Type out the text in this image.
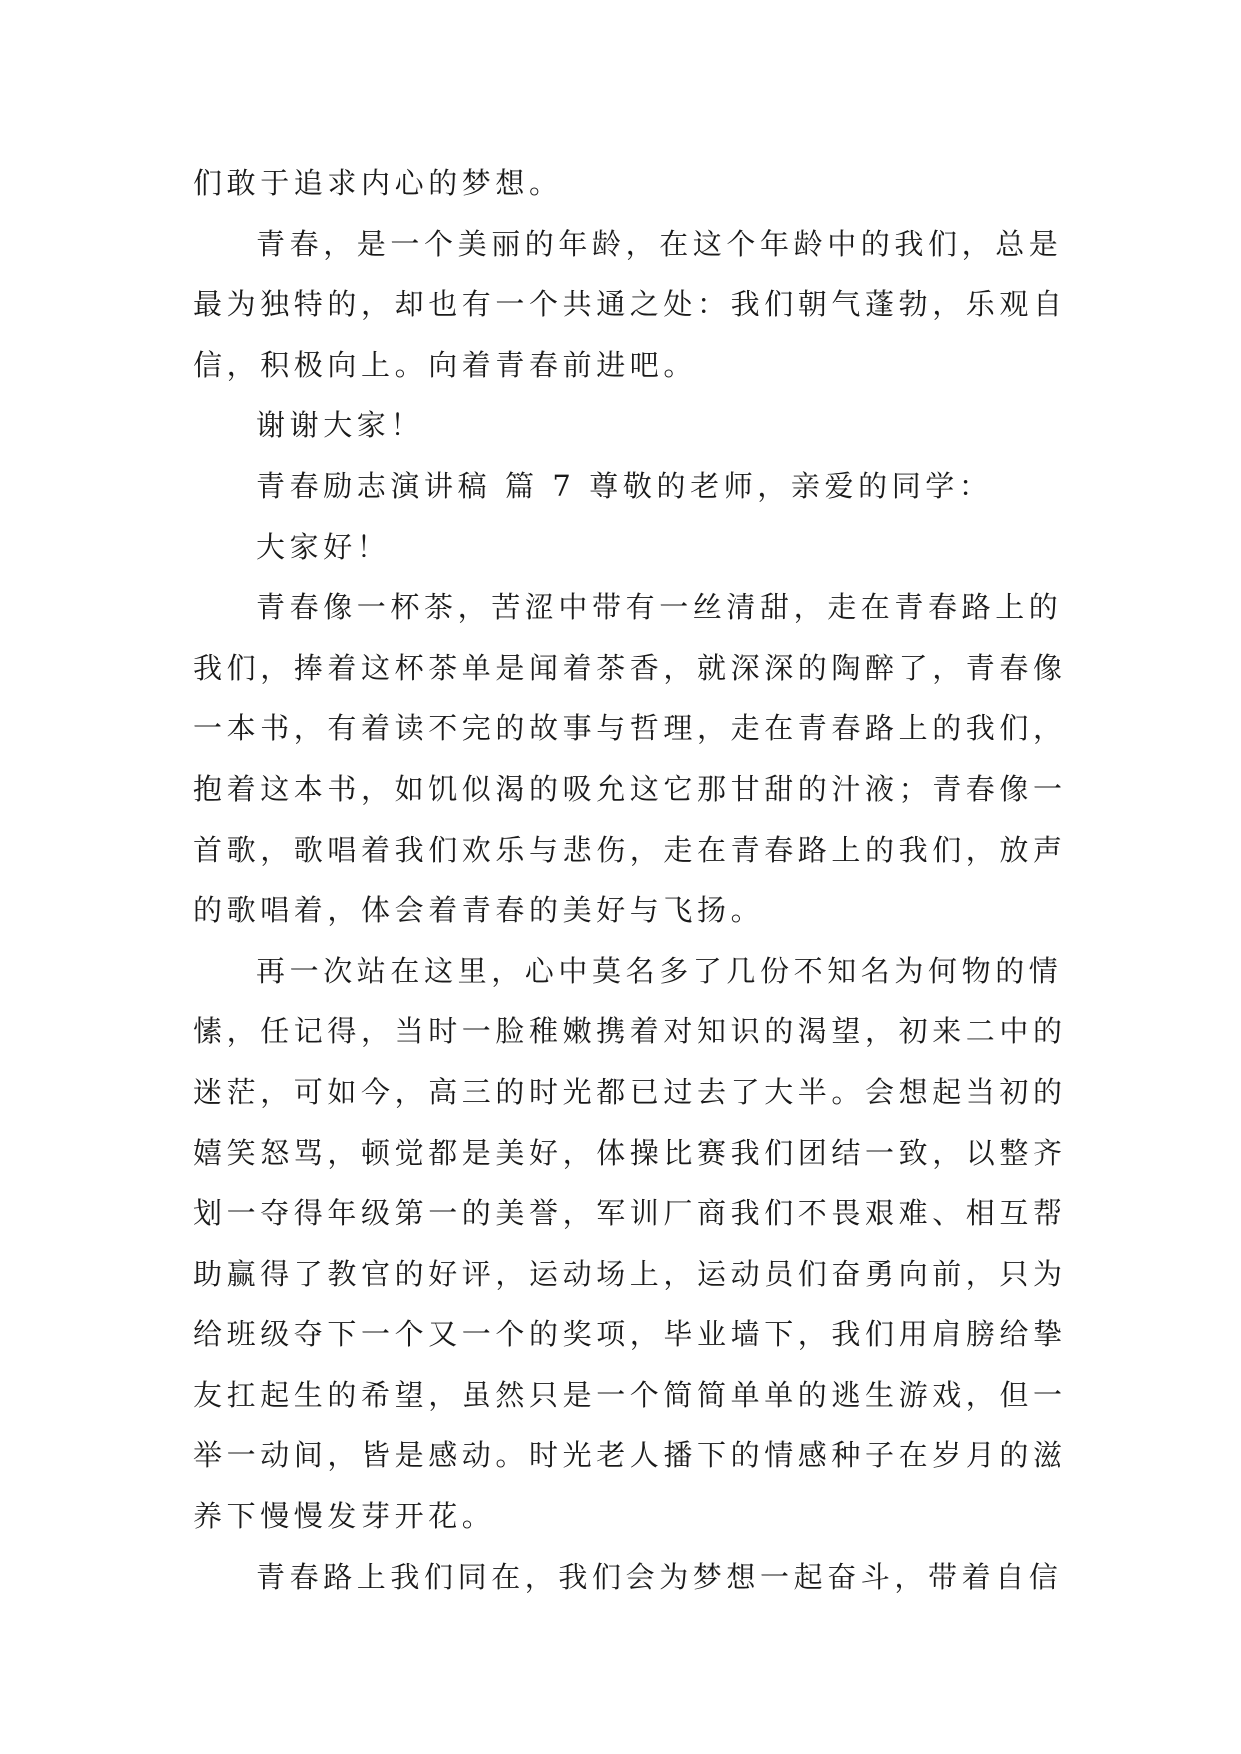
们敢于追求内心的梦想。
青春，是一个美丽的年龄，在这个年龄中的我们，总是
最为独特的，却也有一个共通之处：我们朝气蓬勃，乐观自
信，积极向上。向着青春前进吧。
谢谢大家！
青春励志演讲稿 篇 7 尊敬的老师，亲爱的同学：
大家好！
青春像一杯茶，苦涩中带有一丝清甜，走在青春路上的
我们，捧着这杯茶单是闻着茶香，就深深的陶醉了，青春像
一本书，有着读不完的故事与哲理，走在青春路上的我们，
抱着这本书，如饥似渴的吸允这它那甘甜的汁液；青春像一
首歌，歌唱着我们欢乐与悲伤，走在青春路上的我们，放声
的歌唱着，体会着青春的美好与飞扬。
再一次站在这里，心中莫名多了几份不知名为何物的情
愫，任记得，当时一脸稚嫩携着对知识的渴望，初来二中的
迷茫，可如今，高三的时光都已过去了大半。会想起当初的
嬉笑怒骂，顿觉都是美好，体操比赛我们团结一致，以整齐
划一夺得年级第一的美誉，军训厂商我们不畏艰难、相互帮
助赢得了教官的好评，运动场上，运动员们奋勇向前，只为
给班级夺下一个又一个的奖项，毕业墙下，我们用肩膀给挚
友扛起生的希望，虽然只是一个简简单单的逃生游戏，但一
举一动间，皆是感动。时光老人播下的情感种子在岁月的滋
养下慢慢发芽开花。
青春路上我们同在，我们会为梦想一起奋斗，带着自信
